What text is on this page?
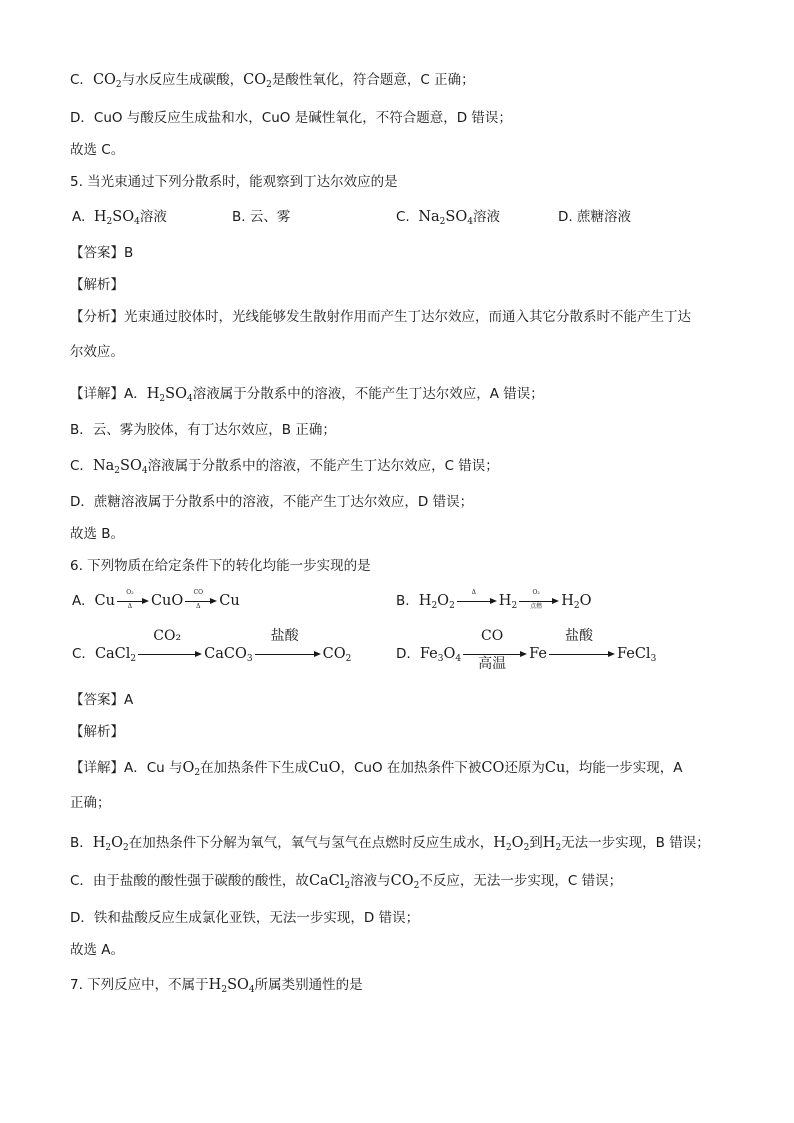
C．$CO_2$与水反应生成碳酸，$CO_2$是酸性氧化，符合题意，C 正确；
D．CuO 与酸反应生成盐和水，CuO 是碱性氧化，不符合题意，D 错误；
故选 C。
5. 当光束通过下列分散系时，能观察到丁达尔效应的是
A. $H_2SO_4$溶液	B. 云、雾	C. $Na_2SO_4$溶液	D. 蔗糖溶液
【答案】B
【解析】
【分析】光束通过胶体时，光线能够发生散射作用而产生丁达尔效应，而通入其它分散系时不能产生丁达
尔效应。
【详解】A．$H_2SO_4$溶液属于分散系中的溶液，不能产生丁达尔效应，A 错误；
B．云、雾为胶体，有丁达尔效应，B 正确；
C．$Na_2SO_4$溶液属于分散系中的溶液，不能产生丁达尔效应，C 错误；
D．蔗糖溶液属于分散系中的溶液，不能产生丁达尔效应，D 错误；
故选 B。
6. 下列物质在给定条件下的转化均能一步实现的是
A. Cu $\frac{\text{O₂}}{\Delta}$ CuO $\frac{CO}{\Delta}$ Cu	B. $H_2O_2$
Δ
$H_2$
O₂
点燃	$H_2O$
C. CaCl$_2$
CO₂
CaCO$_3$
盐酸
$CO_2$	D. $Fe_3O_4$
CO
高温
Fe
盐酸
FeCl$_3$
【答案】A
【解析】
【详解】A．Cu 与$O_2$在加热条件下生成CuO，CuO 在加热条件下被CO还原为Cu，均能一步实现，A
正确；
B．$H_2O_2$在加热条件下分解为氧气，氧气与氢气在点燃时反应生成水，$H_2O_2$到$H_2$无法一步实现，B 错误；
C．由于盐酸的酸性强于碳酸的酸性，故CaCl$_2$溶液与$CO_2$不反应，无法一步实现，C 错误；
D．铁和盐酸反应生成氯化亚铁，无法一步实现，D 错误；
故选 A。
7. 下列反应中，不属于$H_2SO_4$所属类别通性的是
